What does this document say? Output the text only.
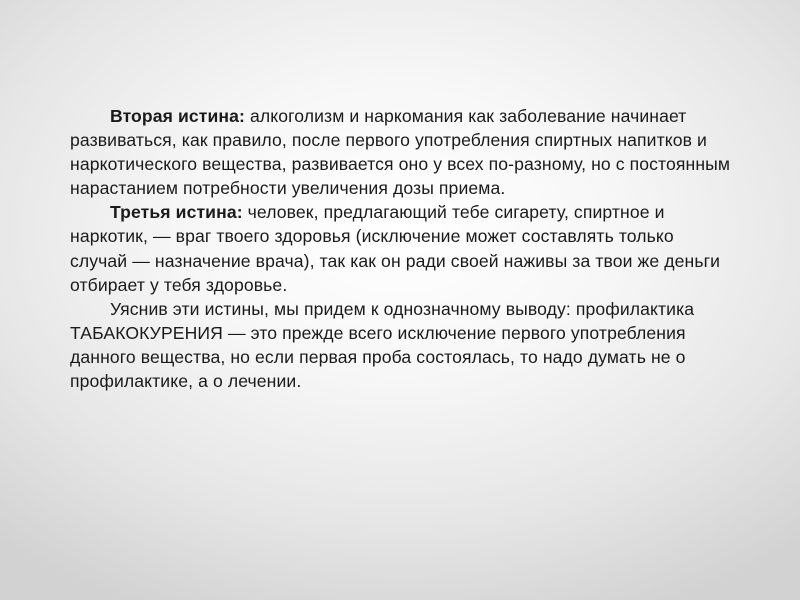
Вторая истина: алкоголизм и наркомания как заболевание начинает развиваться, как правило, после первого употребления спиртных напитков и наркотического вещества, развивается оно у всех по-разному, но с постоянным нарастанием потребности увеличения дозы приема.

Третья истина: человек, предлагающий тебе сигарету, спиртное и наркотик, — враг твоего здоровья (исключение может составлять только случай — назначение врача), так как он ради своей наживы за твои же деньги отбирает у тебя здоровье.

Уяснив эти истины, мы придем к однозначному выводу: профилактика ТАБАКОКУРЕНИЯ — это прежде всего исключение первого употребления данного вещества, но если первая проба состоялась, то надо думать не о профилактике, а о лечении.
